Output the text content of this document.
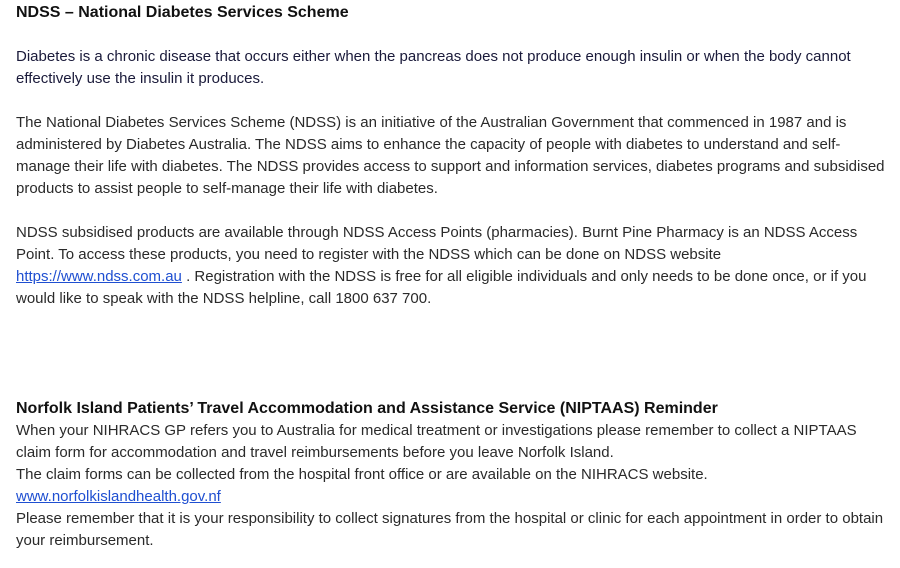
NDSS – National Diabetes Services Scheme

Diabetes is a chronic disease that occurs either when the pancreas does not produce enough insulin or when the body cannot effectively use the insulin it produces.

The National Diabetes Services Scheme (NDSS) is an initiative of the Australian Government that commenced in 1987 and is administered by Diabetes Australia. The NDSS aims to enhance the capacity of people with diabetes to understand and self-manage their life with diabetes. The NDSS provides access to support and information services, diabetes programs and subsidised products to assist people to self-manage their life with diabetes.

NDSS subsidised products are available through NDSS Access Points (pharmacies). Burnt Pine Pharmacy is an NDSS Access Point. To access these products, you need to register with the NDSS which can be done on NDSS website https://www.ndss.com.au . Registration with the NDSS is free for all eligible individuals and only needs to be done once, or if you would like to speak with the NDSS helpline, call 1800 637 700.

Norfolk Island Patients’ Travel Accommodation and Assistance Service (NIPTAAS) Reminder

When your NIHRACS GP refers you to Australia for medical treatment or investigations please remember to collect a NIPTAAS claim form for accommodation and travel reimbursements before you leave Norfolk Island.

The claim forms can be collected from the hospital front office or are available on the NIHRACS website.

www.norfolkislandhealth.gov.nf

Please remember that it is your responsibility to collect signatures from the hospital or clinic for each appointment in order to obtain your reimbursement.
